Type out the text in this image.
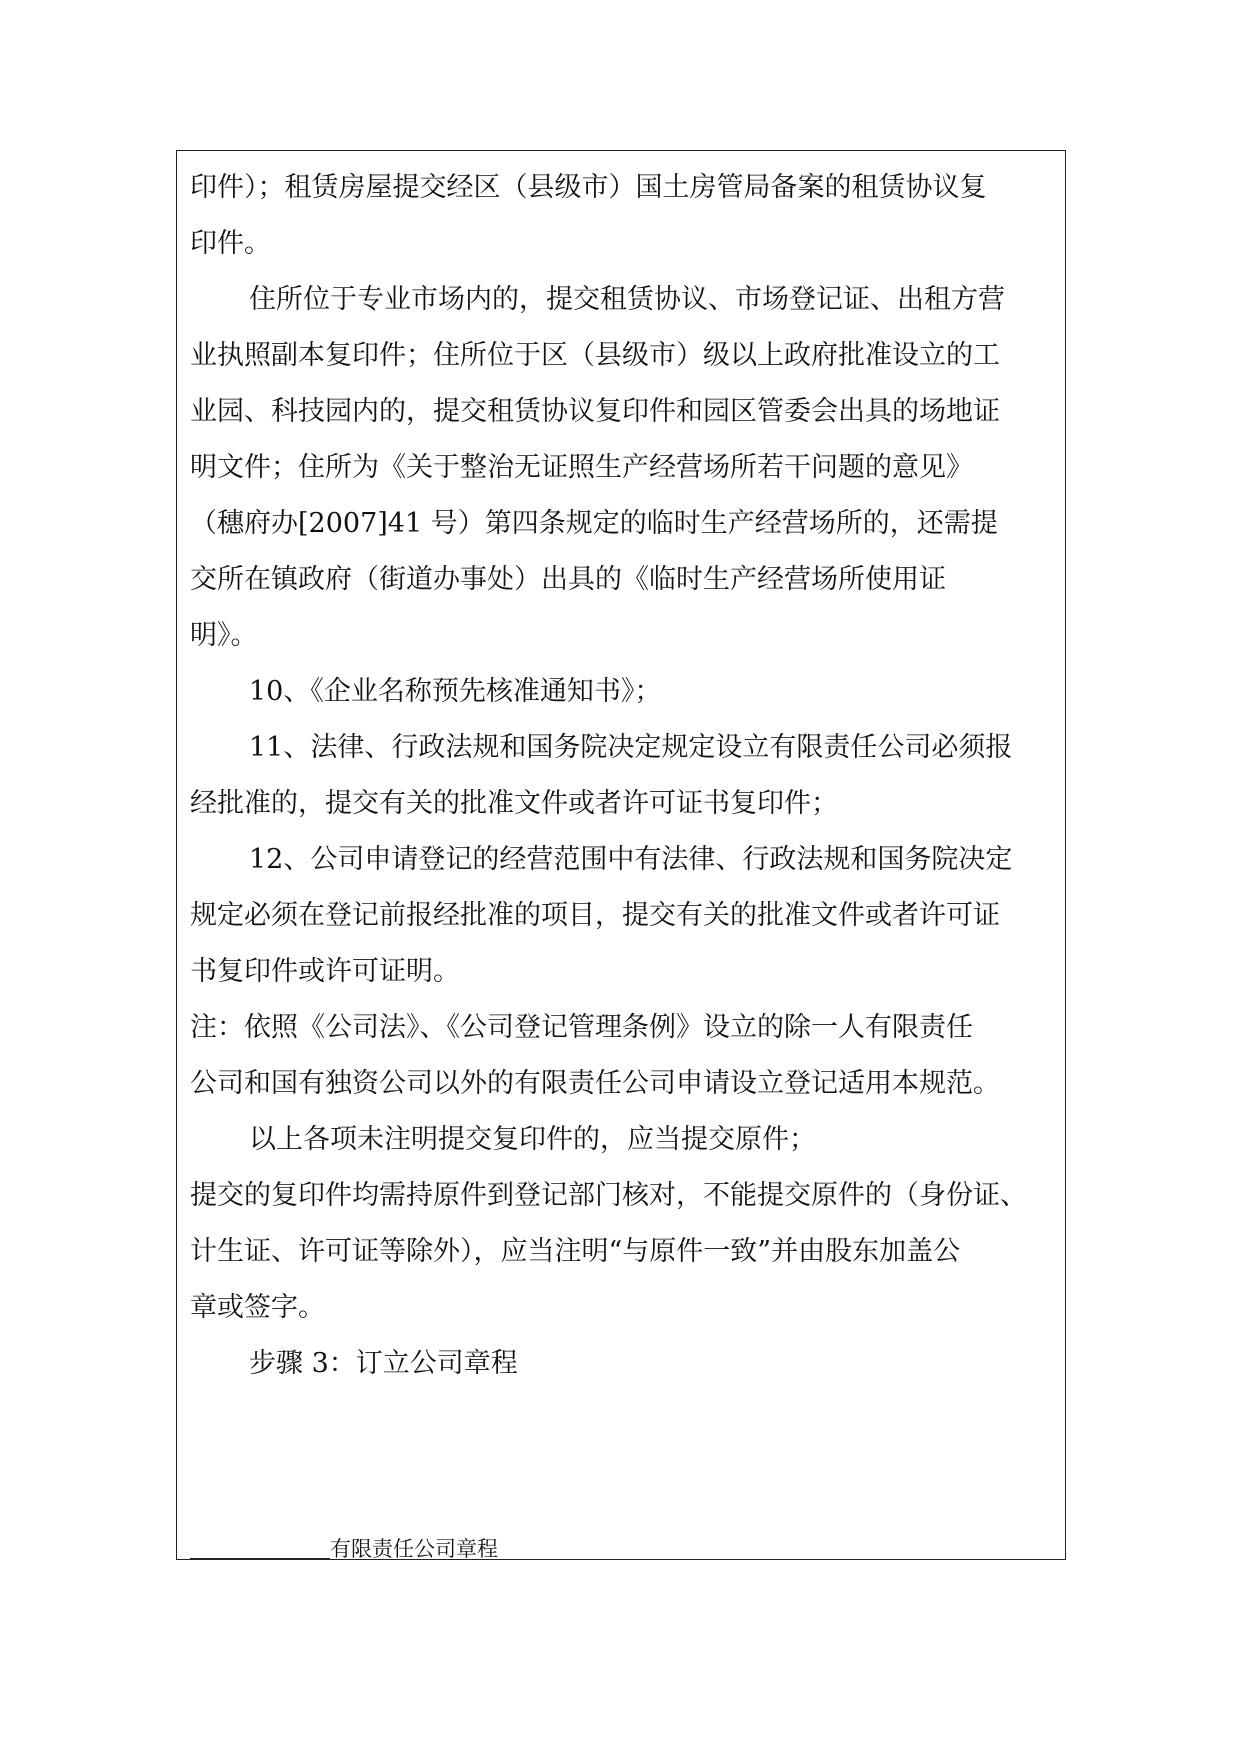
印件）；租赁房屋提交经区（县级市）国土房管局备案的租赁协议复
印件。
住所位于专业市场内的，提交租赁协议、市场登记证、出租方营
业执照副本复印件；住所位于区（县级市）级以上政府批准设立的工
业园、科技园内的，提交租赁协议复印件和园区管委会出具的场地证
明文件；住所为《关于整治无证照生产经营场所若干问题的意见》
（穗府办[2007]41 号）第四条规定的临时生产经营场所的，还需提
交所在镇政府（街道办事处）出具的《临时生产经营场所使用证
明》。
10、《企业名称预先核准通知书》；
11、法律、行政法规和国务院决定规定设立有限责任公司必须报
经批准的，提交有关的批准文件或者许可证书复印件；
12、公司申请登记的经营范围中有法律、行政法规和国务院决定
规定必须在登记前报经批准的项目，提交有关的批准文件或者许可证
书复印件或许可证明。
注：依照《公司法》、《公司登记管理条例》设立的除一人有限责任
公司和国有独资公司以外的有限责任公司申请设立登记适用本规范。
以上各项未注明提交复印件的，应当提交原件；
提交的复印件均需持原件到登记部门核对，不能提交原件的（身份证、
计生证、许可证等除外），应当注明“与原件一致”并由股东加盖公
章或签字。
步骤 3：订立公司章程
有限责任公司章程
